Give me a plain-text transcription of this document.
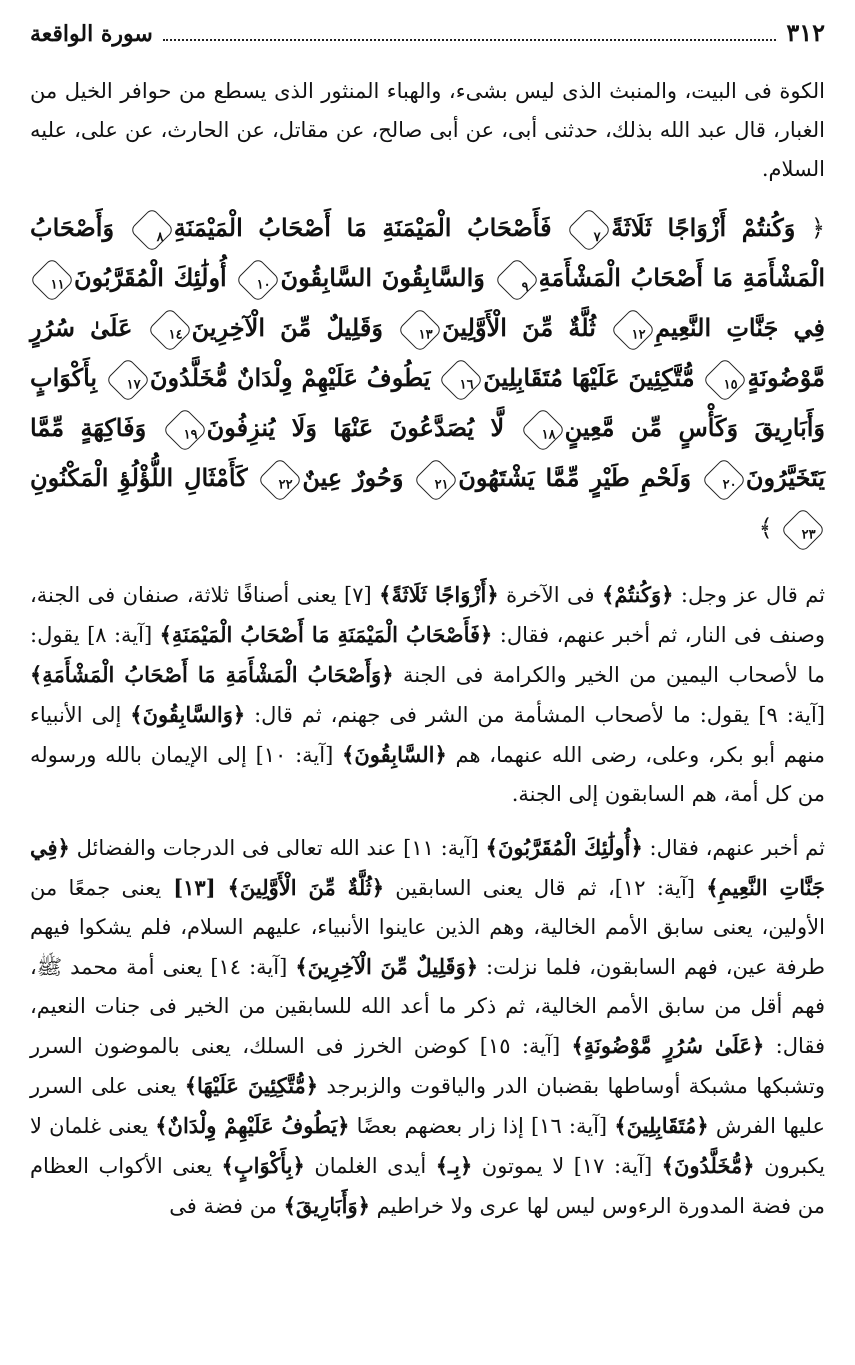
٣١٢
سورة الواقعة

الكوة فى البيت، والمنبث الذى ليس بشىء، والهباء المنثور الذى يسطع من حوافر الخيل من الغبار، قال عبد الله بذلك، حدثنى أبى، عن أبى صالح، عن مقاتل، عن الحارث، عن على، عليه السلام.

﴿ وَكُنتُمْ أَزْوَاجًا ثَلَاثَةً٧ فَأَصْحَابُ الْمَيْمَنَةِ مَا أَصْحَابُ الْمَيْمَنَةِ٨ وَأَصْحَابُ الْمَشْأَمَةِ مَا أَصْحَابُ الْمَشْأَمَةِ٩ وَالسَّابِقُونَ السَّابِقُونَ١٠ أُولَٰئِكَ الْمُقَرَّبُونَ١١ فِي جَنَّاتِ النَّعِيمِ١٢ ثُلَّةٌ مِّنَ الْأَوَّلِينَ١٣ وَقَلِيلٌ مِّنَ الْآخِرِينَ١٤ عَلَىٰ سُرُرٍ مَّوْضُونَةٍ١٥ مُّتَّكِئِينَ عَلَيْهَا مُتَقَابِلِينَ١٦ يَطُوفُ عَلَيْهِمْ وِلْدَانٌ مُّخَلَّدُونَ١٧ بِأَكْوَابٍ وَأَبَارِيقَ وَكَأْسٍ مِّن مَّعِينٍ١٨ لَّا يُصَدَّعُونَ عَنْهَا وَلَا يُنزِفُونَ١٩ وَفَاكِهَةٍ مِّمَّا يَتَخَيَّرُونَ٢٠ وَلَحْمِ طَيْرٍ مِّمَّا يَشْتَهُونَ٢١ وَحُورٌ عِينٌ٢٢ كَأَمْثَالِ اللُّؤْلُؤِ الْمَكْنُونِ٢٣ ﴾

ثم قال عز وجل: ﴿وَكُنتُمْ﴾ فى الآخرة ﴿أَزْوَاجًا ثَلَاثَةً﴾ [٧] يعنى أصنافًا ثلاثة، صنفان فى الجنة، وصنف فى النار، ثم أخبر عنهم، فقال: ﴿فَأَصْحَابُ الْمَيْمَنَةِ مَا أَصْحَابُ الْمَيْمَنَةِ﴾ [آية: ٨] يقول: ما لأصحاب اليمين من الخير والكرامة فى الجنة ﴿وَأَصْحَابُ الْمَشْأَمَةِ مَا أَصْحَابُ الْمَشْأَمَةِ﴾ [آية: ٩] يقول: ما لأصحاب المشأمة من الشر فى جهنم، ثم قال: ﴿وَالسَّابِقُونَ﴾ إلى الأنبياء منهم أبو بكر، وعلى، رضى الله عنهما، هم ﴿السَّابِقُونَ﴾ [آية: ١٠] إلى الإيمان بالله ورسوله من كل أمة، هم السابقون إلى الجنة.

ثم أخبر عنهم، فقال: ﴿أُولَٰئِكَ الْمُقَرَّبُونَ﴾ [آية: ١١] عند الله تعالى فى الدرجات والفضائل ﴿فِي جَنَّاتِ النَّعِيمِ﴾ [آية: ١٢]، ثم قال يعنى السابقين ﴿ثُلَّةٌ مِّنَ الْأَوَّلِينَ﴾ [١٣] يعنى جمعًا من الأولين، يعنى سابق الأمم الخالية، وهم الذين عاينوا الأنبياء، عليهم السلام، فلم يشكوا فيهم طرفة عين، فهم السابقون، فلما نزلت: ﴿وَقَلِيلٌ مِّنَ الْآخِرِينَ﴾ [آية: ١٤] يعنى أمة محمد ﷺ، فهم أقل من سابق الأمم الخالية، ثم ذكر ما أعد الله للسابقين من الخير فى جنات النعيم، فقال: ﴿عَلَىٰ سُرُرٍ مَّوْضُونَةٍ﴾ [آية: ١٥] كوضن الخرز فى السلك، يعنى بالموضون السرر وتشبكها مشبكة أوساطها بقضبان الدر والياقوت والزبرجد ﴿مُّتَّكِئِينَ عَلَيْهَا﴾ يعنى على السرر عليها الفرش ﴿مُتَقَابِلِينَ﴾ [آية: ١٦] إذا زار بعضهم بعضًا ﴿يَطُوفُ عَلَيْهِمْ وِلْدَانٌ﴾ يعنى غلمان لا يكبرون ﴿مُّخَلَّدُونَ﴾ [آية: ١٧] لا يموتون ﴿بِـ﴾ أيدى الغلمان ﴿بِأَكْوَابٍ﴾ يعنى الأكواب العظام من فضة المدورة الرءوس ليس لها عرى ولا خراطيم ﴿وَأَبَارِيقَ﴾ من فضة فى
